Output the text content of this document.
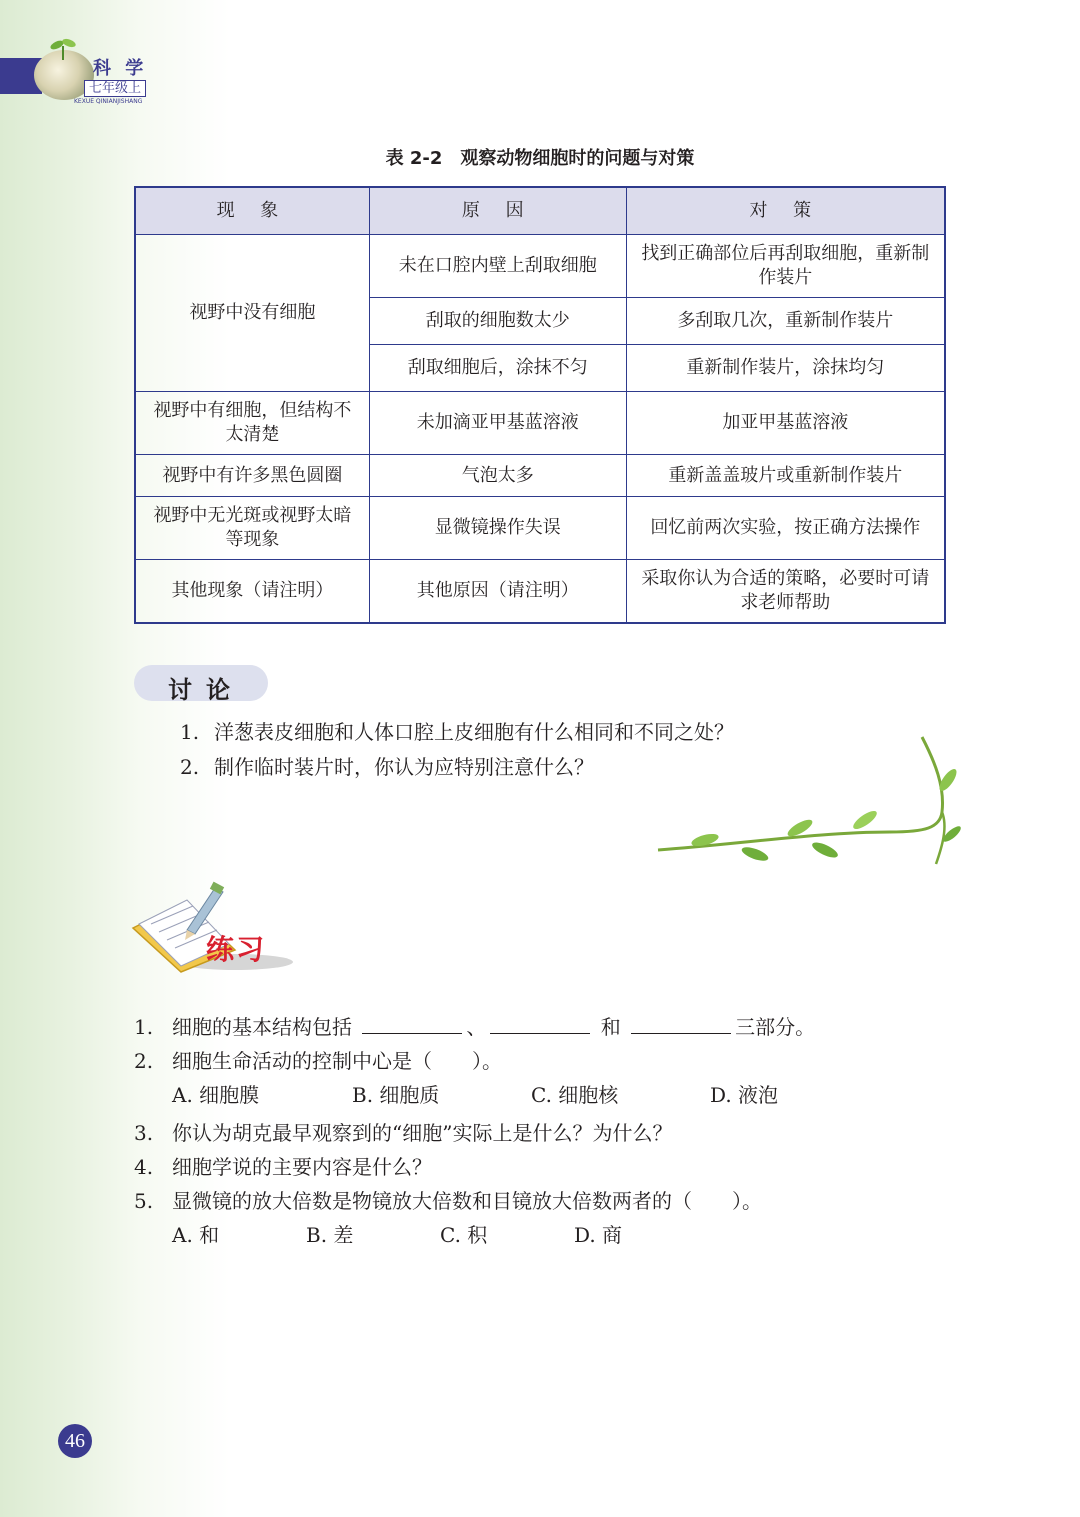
科 学
七年级上
KEXUE QINIANJISHANG
表 2-2 观察动物细胞时的问题与对策
现 象	原 因	对 策
视野中没有细胞	未在口腔内壁上刮取细胞	找到正确部位后再刮取细胞，重新制作装片
	刮取的细胞数太少	多刮取几次，重新制作装片
	刮取细胞后，涂抹不匀	重新制作装片，涂抹均匀
视野中有细胞，但结构不太清楚	未加滴亚甲基蓝溶液	加亚甲基蓝溶液
视野中有许多黑色圆圈	气泡太多	重新盖盖玻片或重新制作装片
视野中无光斑或视野太暗等现象	显微镜操作失误	回忆前两次实验，按正确方法操作
其他现象（请注明）	其他原因（请注明）	采取你认为合适的策略，必要时可请求老师帮助
讨论
1. 洋葱表皮细胞和人体口腔上皮细胞有什么相同和不同之处？
2. 制作临时装片时，你认为应特别注意什么？
练习
1. 细胞的基本结构包括	、	和	三部分。
2. 细胞生命活动的控制中心是（　　）。
A. 细胞膜	B. 细胞质	C. 细胞核	D. 液泡
3. 你认为胡克最早观察到的“细胞”实际上是什么？为什么？
4. 细胞学说的主要内容是什么？
5. 显微镜的放大倍数是物镜放大倍数和目镜放大倍数两者的（　　）。
A. 和	B. 差	C. 积	D. 商
46
